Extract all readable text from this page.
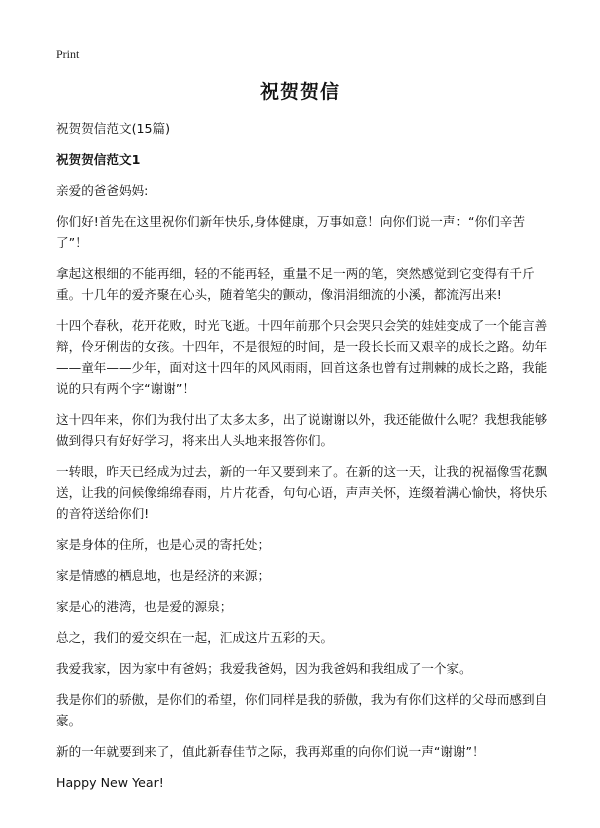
Print
祝贺贺信

祝贺贺信范文(15篇)

祝贺贺信范文1

亲爱的爸爸妈妈:

你们好!首先在这里祝你们新年快乐,身体健康，万事如意！向你们说一声：“你们辛苦了”！

拿起这根细的不能再细，轻的不能再轻，重量不足一两的笔，突然感觉到它变得有千斤重。十几年的爱齐聚在心头，随着笔尖的颤动，像涓涓细流的小溪，都流泻出来!

十四个春秋，花开花败，时光飞逝。十四年前那个只会哭只会笑的娃娃变成了一个能言善辩，伶牙俐齿的女孩。十四年，不是很短的时间，是一段长长而又艰辛的成长之路。幼年——童年——少年，面对这十四年的风风雨雨，回首这条也曾有过荆棘的成长之路，我能说的只有两个字“谢谢”！

这十四年来，你们为我付出了太多太多，出了说谢谢以外，我还能做什么呢？我想我能够做到得只有好好学习，将来出人头地来报答你们。

一转眼，昨天已经成为过去，新的一年又要到来了。在新的这一天，让我的祝福像雪花飘送，让我的问候像绵绵春雨，片片花香，句句心语，声声关怀，连缀着满心愉快，将快乐的音符送给你们!

家是身体的住所，也是心灵的寄托处；

家是情感的栖息地，也是经济的来源；

家是心的港湾，也是爱的源泉；

总之，我们的爱交织在一起，汇成这片五彩的天。

我爱我家，因为家中有爸妈；我爱我爸妈，因为我爸妈和我组成了一个家。

我是你们的骄傲，是你们的希望，你们同样是我的骄傲，我为有你们这样的父母而感到自豪。

新的一年就要到来了，值此新春佳节之际，我再郑重的向你们说一声“谢谢”！

Happy New Year!
